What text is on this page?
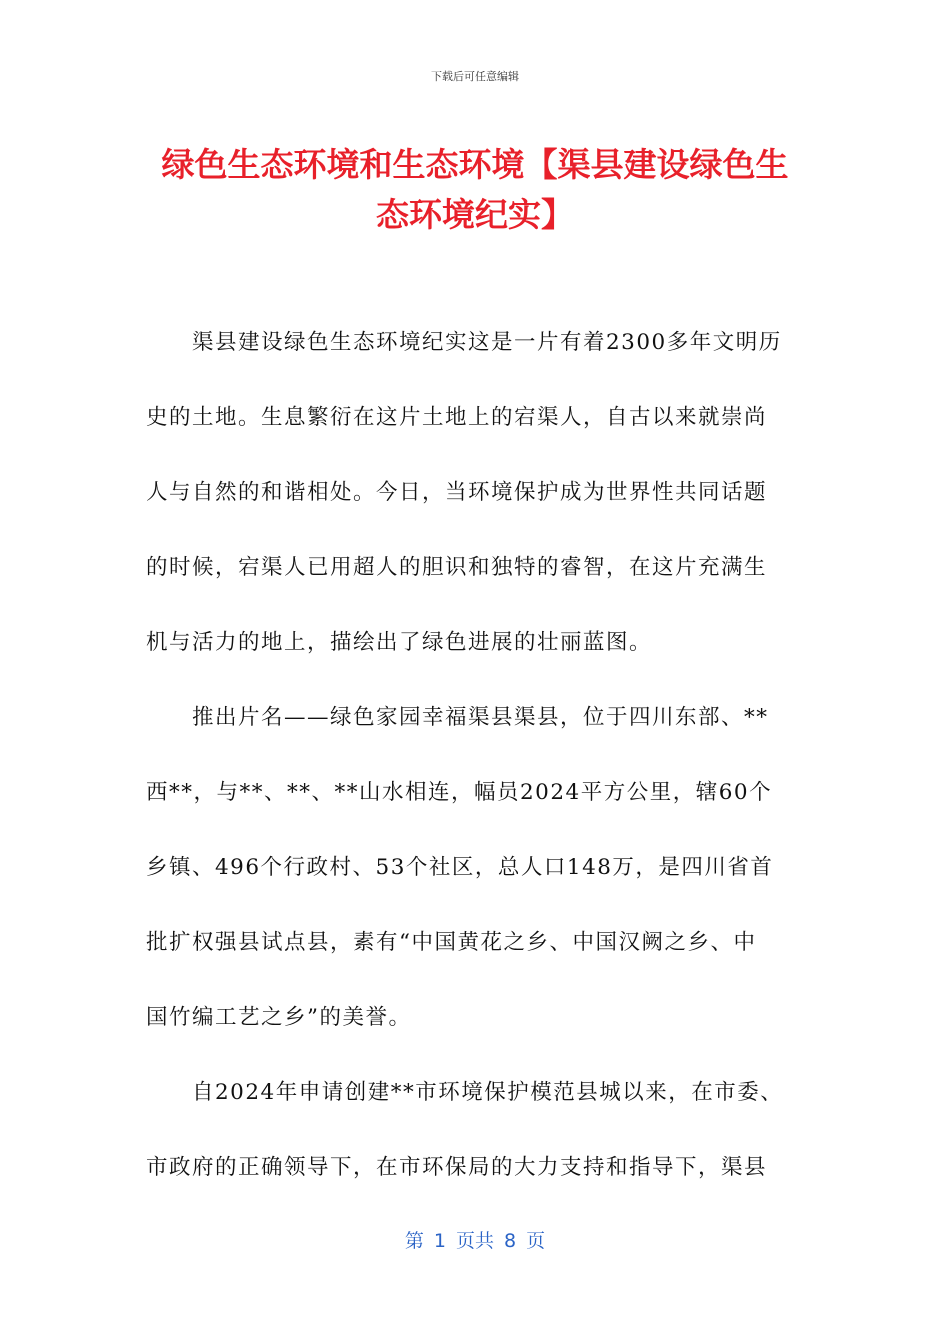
下载后可任意编辑
绿色生态环境和生态环境【渠县建设绿色生
态环境纪实】
　　渠县建设绿色生态环境纪实这是一片有着2300多年文明历
史的土地。生息繁衍在这片土地上的宕渠人，自古以来就崇尚
人与自然的和谐相处。今日，当环境保护成为世界性共同话题
的时候，宕渠人已用超人的胆识和独特的睿智，在这片充满生
机与活力的地上，描绘出了绿色进展的壮丽蓝图。
　　推出片名——绿色家园幸福渠县渠县，位于四川东部、**
西**，与**、**、**山水相连，幅员2024平方公里，辖60个
乡镇、496个行政村、53个社区，总人口148万，是四川省首
批扩权强县试点县，素有“中国黄花之乡、中国汉阙之乡、中
国竹编工艺之乡”的美誉。
　　自2024年申请创建**市环境保护模范县城以来，在市委、
市政府的正确领导下，在市环保局的大力支持和指导下，渠县
第 1 页共 8 页
